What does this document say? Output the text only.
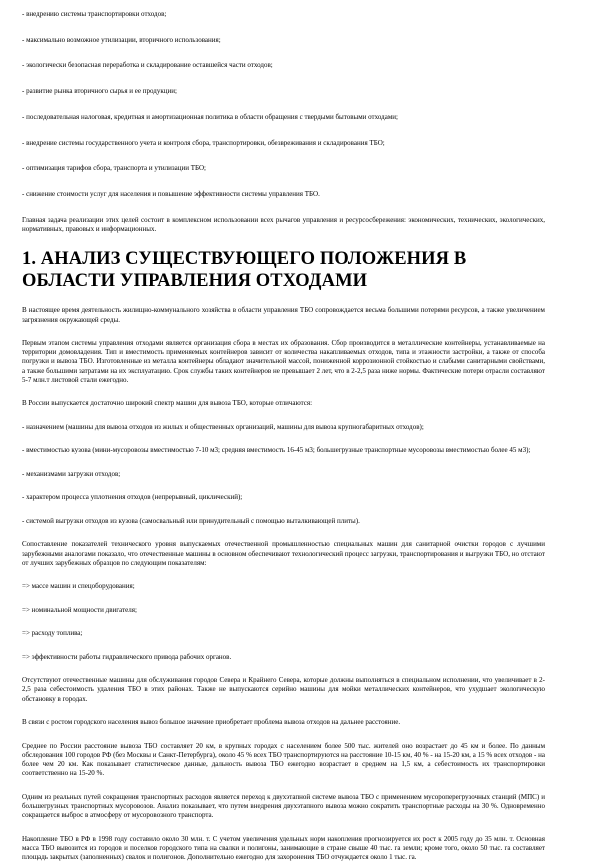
- внедрению системы транспортировки отходов;
- максимально возможное утилизации, вторичного использования;
- экологически безопасная переработка и складирование оставшейся части отходов;
- развитие рынка вторичного сырья и ее продукции;
- последовательная налоговая, кредитная и амортизационная политика в области обращения с твердыми бытовыми отходами;
- внедрение системы государственного учета и контроля сбора, транспортировки, обезвреживания и складирования ТБО;
- оптимизация тарифов сбора, транспорта и утилизации ТБО;
- снижение стоимости услуг для населения и повышение эффективности системы управления ТБО.
Главная задача реализации этих целей состоит в комплексном использовании всех рычагов управления и ресурсосбережения: экономических, технических, экологических, нормативных, правовых и информационных.
1. АНАЛИЗ СУЩЕСТВУЮЩЕГО ПОЛОЖЕНИЯ В ОБЛАСТИ УПРАВЛЕНИЯ ОТХОДАМИ
В настоящее время деятельность жилищно-коммунального хозяйства в области управления ТБО сопровождается весьма большими потерями ресурсов, а также увеличением загрязнения окружающей среды.
Первым этапом системы управления отходами является организация сбора в местах их образования. Сбор производится в металлические контейнеры, устанавливаемые на территории домовладения. Тип и вместимость применяемых контейнеров зависит от количества накапливаемых отходов, типа и этажности застройки, а также от способа погрузки и вывоза ТБО. Изготовленные из металла контейнеры обладают значительной массой, пониженной коррозионной стойкостью и слабыми санитарными свойствами, а также большими затратами на их эксплуатацию. Срок службы таких контейнеров не превышает 2 лет, что в 2-2,5 раза ниже нормы. Фактические потери отрасли составляют 5-7 млн.т листовой стали ежегодно.
В России выпускается достаточно широкий спектр машин для вывоза ТБО, которые отличаются:
- назначением (машины для вывоза отходов из жилых и общественных организаций, машины для вывоза крупногабаритных отходов);
- вместимостью кузова (мини-мусоровозы вместимостью 7-10 м3; средняя вместимость 16-45 м3; большегрузные транспортные мусоровозы вместимостью более 45 м3);
- механизмами загрузки отходов;
- характером процесса уплотнения отходов (непрерывный, циклический);
- системой выгрузки отходов из кузова (самосвальный или принудительный с помощью выталкивающей плиты).
Сопоставление показателей технического уровня выпускаемых отечественной промышленностью специальных машин для санитарной очистки городов с лучшими зарубежными аналогами показало, что отечественные машины в основном обеспечивают технологический процесс загрузки, транспортирования и выгрузки ТБО, но отстают от лучших зарубежных образцов по следующим показателям:
=> массе машин и спецоборудования;
=> номинальной мощности двигателя;
=> расходу топлива;
=> эффективности работы гидравлического привода рабочих органов.
Отсутствуют отечественные машины для обслуживания городов Севера и Крайнего Севера, которые должны выполняться в специальном исполнении, что увеличивает в 2-2,5 раза себестоимость удаления ТБО в этих районах. Также не выпускаются серийно машины для мойки металлических контейнеров, что ухудшает экологическую обстановку в городах.
В связи с ростом городского населения вывоз большое значение приобретает проблема вывоза отходов на дальнее расстояние.
Среднее по России расстояние вывоза ТБО составляет 20 км, в крупных городах с населением более 500 тыс. жителей оно возрастает до 45 км и более. По данным обследования 100 городов РФ (без Москвы и Санкт-Петербурга), около 45 % всех ТБО транспортируются на расстояние 10-15 км, 40 % - на 15-20 км, а 15 % всех отходов - на более чем 20 км. Как показывает статистическое данные, дальность вывоза ТБО ежегодно возрастает в среднем на 1,5 км, а себестоимость их транспортировки соответственно на 15-20 %.
Одним из реальных путей сокращения транспортных расходов является переход к двухэтапной системе вывоза ТБО с применением мусороперегрузочных станций (МПС) и большегрузных транспортных мусоровозов. Анализ показывает, что путем внедрения двухэтапного вывоза можно сократить транспортные расходы на 30 %. Одновременно сокращается выброс в атмосферу от мусоровозного транспорта.
Накопление ТБО в РФ в 1998 году составило около 30 млн. т. С учетом увеличения удельных норм накопления прогнозируется их рост к 2005 году до 35 млн. т. Основная масса ТБО вывозится из городов и поселков городского типа на свалки и полигоны, занимающие в стране свыше 40 тыс. га земли; кроме того, около 50 тыс. га составляет площадь закрытых (заполненных) свалок и полигонов. Дополнительно ежегодно для захоронения ТБО отчуждается около 1 тыс. га.
